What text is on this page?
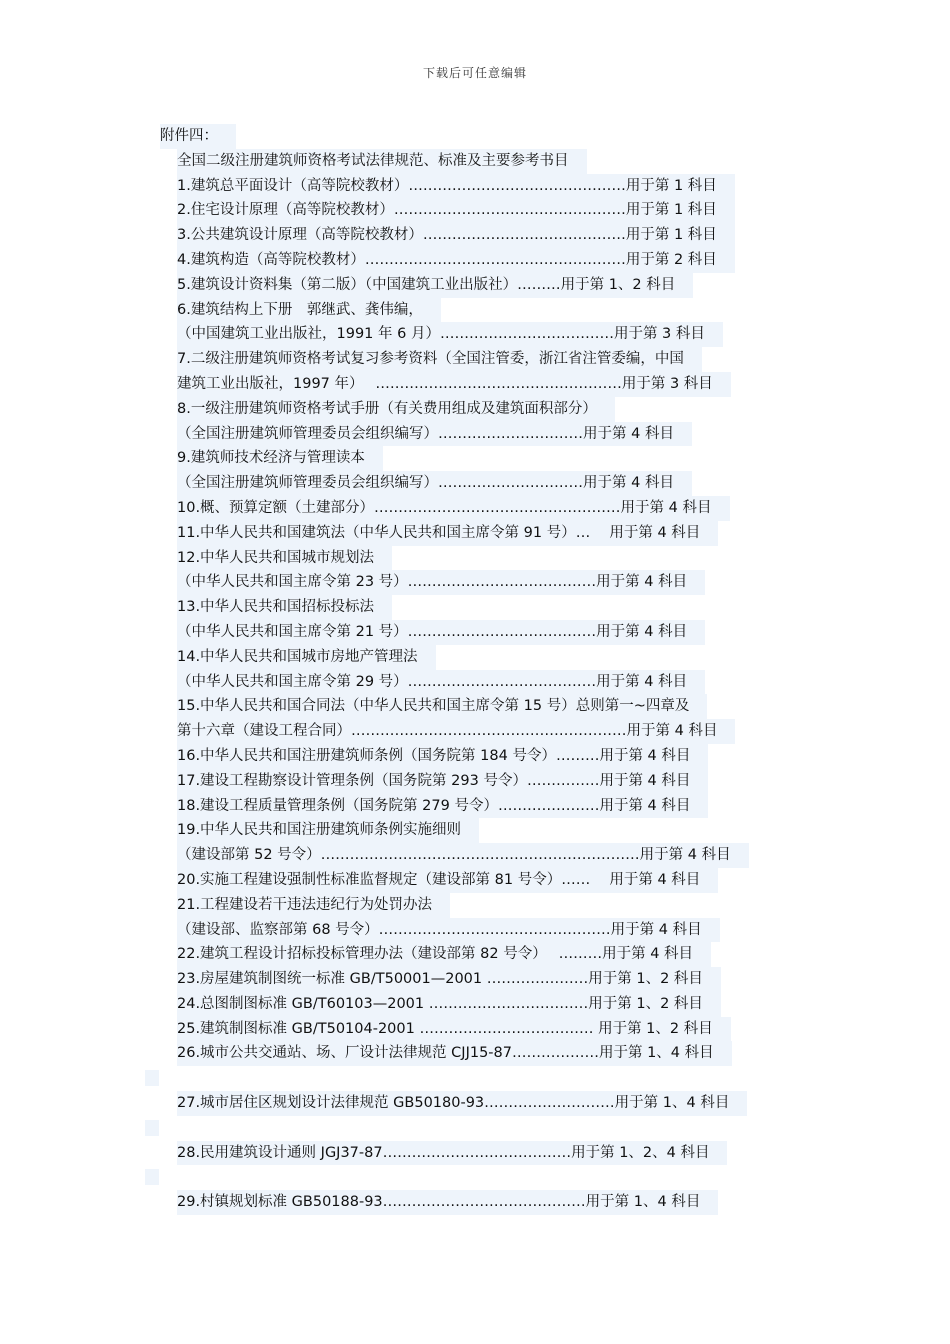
下载后可任意编辑
附件四：
全国二级注册建筑师资格考试法律规范、标准及主要参考书目
1.建筑总平面设计（高等院校教材）………………………………………用于第 1 科目
2.住宅设计原理（高等院校教材）…………………………………………用于第 1 科目
3.公共建筑设计原理（高等院校教材）……………………………………用于第 1 科目
4.建筑构造（高等院校教材）………………………………………………用于第 2 科目
5.建筑设计资料集（第二版）（中国建筑工业出版社）………用于第 1、2 科目
6.建筑结构上下册　郭继武、龚伟编，
（中国建筑工业出版社，1991 年 6 月）………………………………用于第 3 科目
7.二级注册建筑师资格考试复习参考资料（全国注管委，浙江省注管委编，中国
建筑工业出版社，1997 年）　 ……………………………………………用于第 3 科目
8.一级注册建筑师资格考试手册（有关费用组成及建筑面积部分）
（全国注册建筑师管理委员会组织编写）…………………………用于第 4 科目
9.建筑师技术经济与管理读本
（全国注册建筑师管理委员会组织编写）…………………………用于第 4 科目
10.概、预算定额（土建部分）……………………………………………用于第 4 科目
11.中华人民共和国建筑法（中华人民共和国主席令第 91 号）…　 用于第 4 科目
12.中华人民共和国城市规划法
（中华人民共和国主席令第 23 号）…………………………………用于第 4 科目
13.中华人民共和国招标投标法
（中华人民共和国主席令第 21 号）…………………………………用于第 4 科目
14.中华人民共和国城市房地产管理法
（中华人民共和国主席令第 29 号）…………………………………用于第 4 科目
15.中华人民共和国合同法（中华人民共和国主席令第 15 号）总则第一~四章及
第十六章（建设工程合同）…………………………………………………用于第 4 科目
16.中华人民共和国注册建筑师条例（国务院第 184 号令）………用于第 4 科目
17.建设工程勘察设计管理条例（国务院第 293 号令）……………用于第 4 科目
18.建设工程质量管理条例（国务院第 279 号令）…………………用于第 4 科目
19.中华人民共和国注册建筑师条例实施细则
（建设部第 52 号令）…………………………………………………………用于第 4 科目
20.实施工程建设强制性标准监督规定（建设部第 81 号令）……　 用于第 4 科目
21.工程建设若干违法违纪行为处罚办法
（建设部、监察部第 68 号令）…………………………………………用于第 4 科目
22.建筑工程设计招标投标管理办法（建设部第 82 号令）　 ………用于第 4 科目
23.房屋建筑制图统一标准 GB/T50001—2001 …………………用于第 1、2 科目
24.总图制图标准 GB/T60103—2001 ……………………………用于第 1、2 科目
25.建筑制图标准 GB/T50104-2001 ……………………………… 用于第 1、2 科目
26.城市公共交通站、场、厂设计法律规范 CJJ15-87………………用于第 1、4 科目
27.城市居住区规划设计法律规范 GB50180-93………………………用于第 1、4 科目
28.民用建筑设计通则 JGJ37-87…………………………………用于第 1、2、4 科目
29.村镇规划标准 GB50188-93……………………………………用于第 1、4 科目
